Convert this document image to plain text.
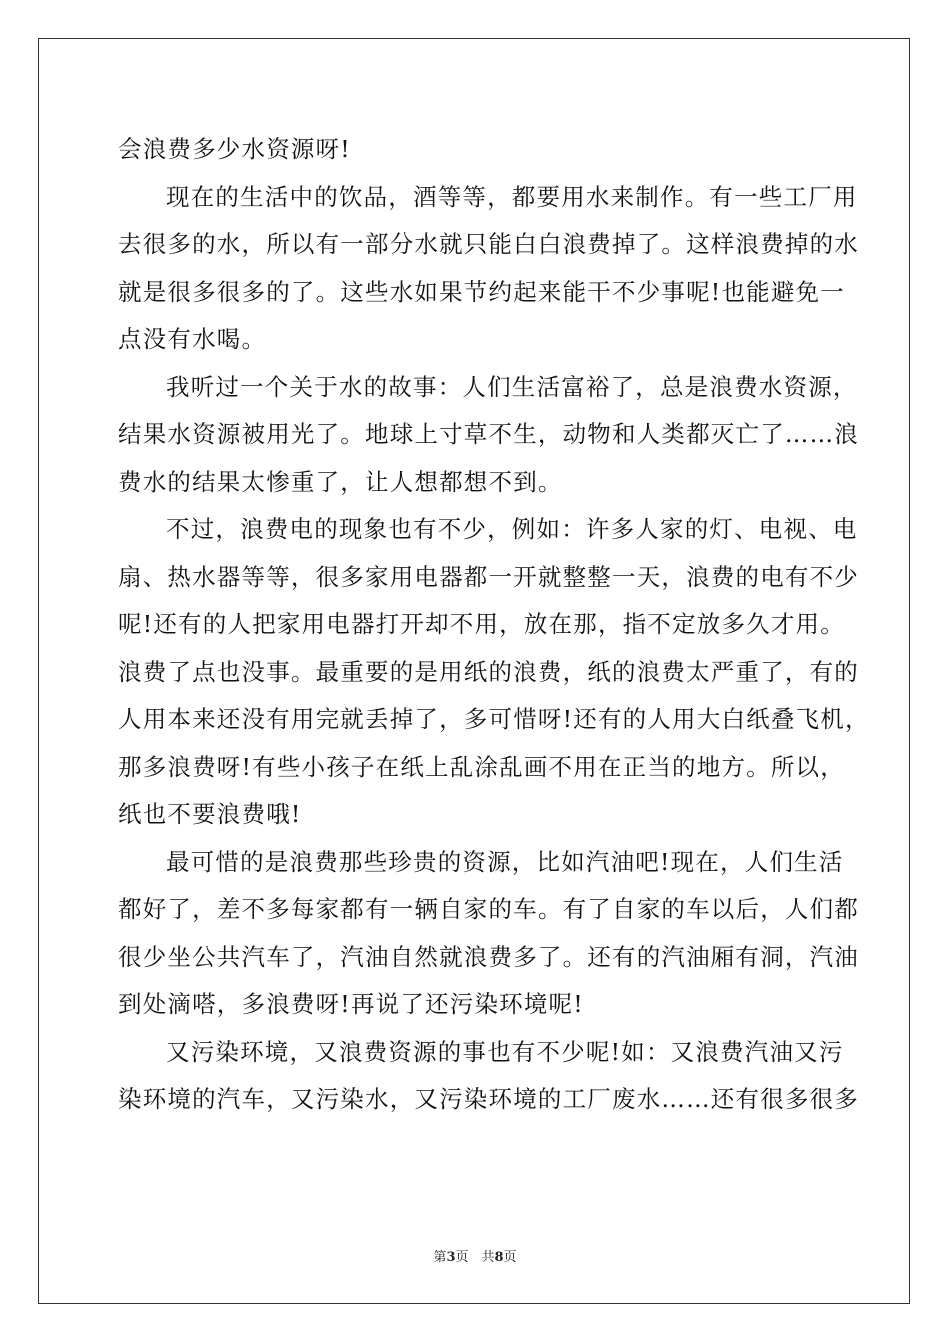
会浪费多少水资源呀!
现在的生活中的饮品，酒等等，都要用水来制作。有一些工厂用
去很多的水，所以有一部分水就只能白白浪费掉了。这样浪费掉的水
就是很多很多的了。这些水如果节约起来能干不少事呢!也能避免一
点没有水喝。
我听过一个关于水的故事：人们生活富裕了，总是浪费水资源，
结果水资源被用光了。地球上寸草不生，动物和人类都灭亡了……浪
费水的结果太惨重了，让人想都想不到。
不过，浪费电的现象也有不少，例如：许多人家的灯、电视、电
扇、热水器等等，很多家用电器都一开就整整一天，浪费的电有不少
呢!还有的人把家用电器打开却不用，放在那，指不定放多久才用。
浪费了点也没事。最重要的是用纸的浪费，纸的浪费太严重了，有的
人用本来还没有用完就丢掉了，多可惜呀!还有的人用大白纸叠飞机，
那多浪费呀!有些小孩子在纸上乱涂乱画不用在正当的地方。所以，
纸也不要浪费哦!
最可惜的是浪费那些珍贵的资源，比如汽油吧!现在，人们生活
都好了，差不多每家都有一辆自家的车。有了自家的车以后，人们都
很少坐公共汽车了，汽油自然就浪费多了。还有的汽油厢有洞，汽油
到处滴嗒，多浪费呀!再说了还污染环境呢!
又污染环境，又浪费资源的事也有不少呢!如：又浪费汽油又污
染环境的汽车，又污染水，又污染环境的工厂废水……还有很多很多
第3页　共8页
